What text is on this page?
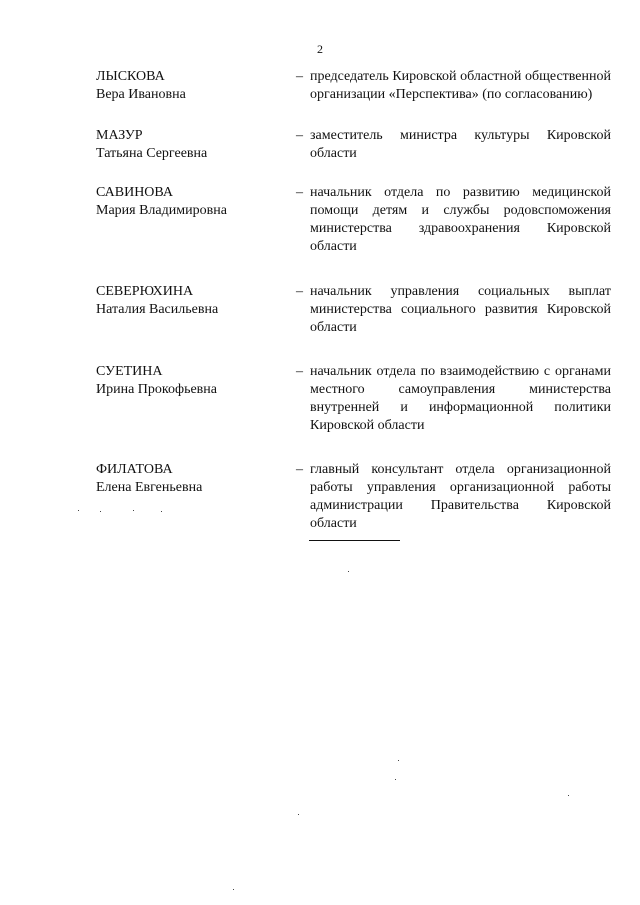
2
ЛЫСКОВА
Вера Ивановна
– председатель Кировской областной общественной организации «Перспектива» (по согласованию)
МАЗУР
Татьяна Сергеевна
– заместитель министра культуры Кировской области
САВИНОВА
Мария Владимировна
– начальник отдела по развитию медицинской помощи детям и службы родовспоможения министерства здравоохранения Кировской области
СЕВЕРЮХИНА
Наталия Васильевна
– начальник управления социальных выплат министерства социального развития Кировской области
СУЕТИНА
Ирина Прокофьевна
– начальник отдела по взаимодействию с органами местного самоуправления министерства внутренней и информационной политики Кировской области
ФИЛАТОВА
Елена Евгеньевна
– главный консультант отдела организационной работы управления организационной работы администрации Правительства Кировской области
